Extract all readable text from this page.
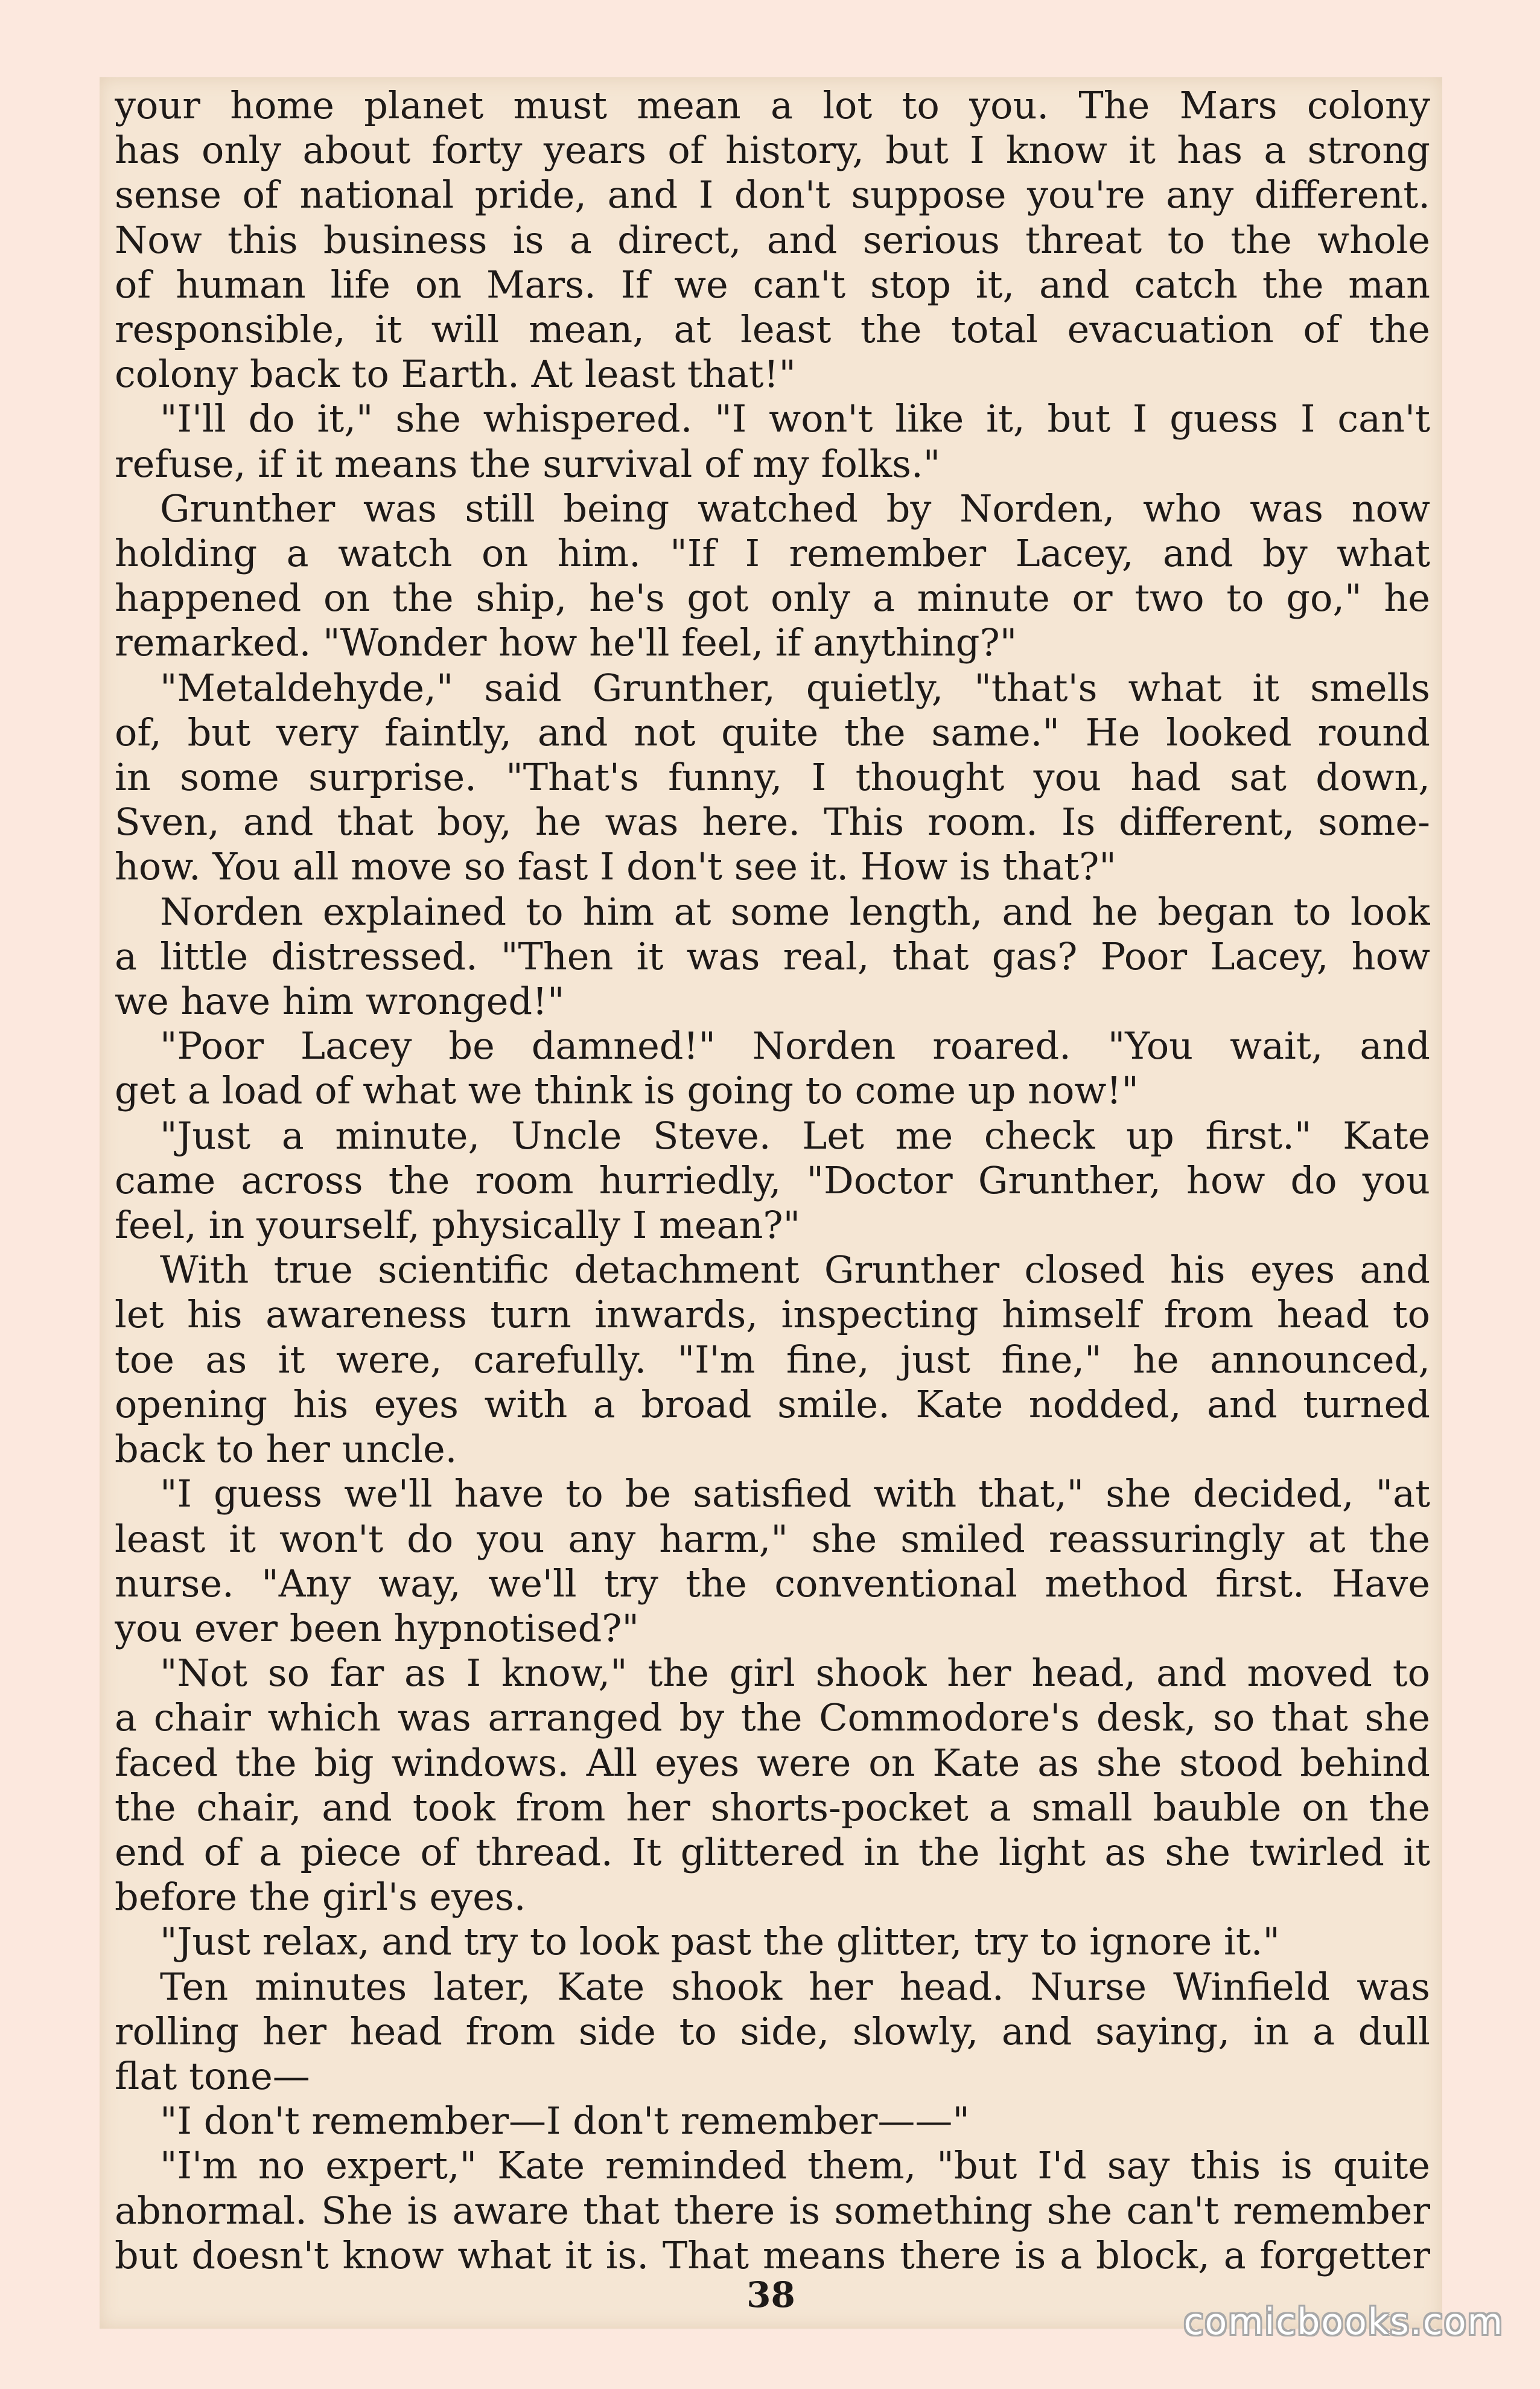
your home planet must mean a lot to you. The Mars colony

has only about forty years of history, but I know it has a strong

sense of national pride, and I don't suppose you're any different.

Now this business is a direct, and serious threat to the whole

of human life on Mars. If we can't stop it, and catch the man

responsible, it will mean, at least the total evacuation of the

colony back to Earth. At least that!"

"I'll do it," she whispered. "I won't like it, but I guess I can't

refuse, if it means the survival of my folks."

Grunther was still being watched by Norden, who was now

holding a watch on him. "If I remember Lacey, and by what

happened on the ship, he's got only a minute or two to go," he

remarked. "Wonder how he'll feel, if anything?"

"Metaldehyde," said Grunther, quietly, "that's what it smells

of, but very faintly, and not quite the same." He looked round

in some surprise. "That's funny, I thought you had sat down,

Sven, and that boy, he was here. This room. Is different, some-

how. You all move so fast I don't see it. How is that?"

Norden explained to him at some length, and he began to look

a little distressed. "Then it was real, that gas? Poor Lacey, how

we have him wronged!"

"Poor Lacey be damned!" Norden roared. "You wait, and

get a load of what we think is going to come up now!"

"Just a minute, Uncle Steve. Let me check up first." Kate

came across the room hurriedly, "Doctor Grunther, how do you

feel, in yourself, physically I mean?"

With true scientific detachment Grunther closed his eyes and

let his awareness turn inwards, inspecting himself from head to

toe as it were, carefully. "I'm fine, just fine," he announced,

opening his eyes with a broad smile. Kate nodded, and turned

back to her uncle.

"I guess we'll have to be satisfied with that," she decided, "at

least it won't do you any harm," she smiled reassuringly at the

nurse. "Any way, we'll try the conventional method first. Have

you ever been hypnotised?"

"Not so far as I know," the girl shook her head, and moved to

a chair which was arranged by the Commodore's desk, so that she

faced the big windows. All eyes were on Kate as she stood behind

the chair, and took from her shorts-pocket a small bauble on the

end of a piece of thread. It glittered in the light as she twirled it

before the girl's eyes.

"Just relax, and try to look past the glitter, try to ignore it."

Ten minutes later, Kate shook her head. Nurse Winfield was

rolling her head from side to side, slowly, and saying, in a dull

flat tone—

"I don't remember—I don't remember——"

"I'm no expert," Kate reminded them, "but I'd say this is quite

abnormal. She is aware that there is something she can't remember

but doesn't know what it is. That means there is a block, a forgetter

38
comicbooks.com
